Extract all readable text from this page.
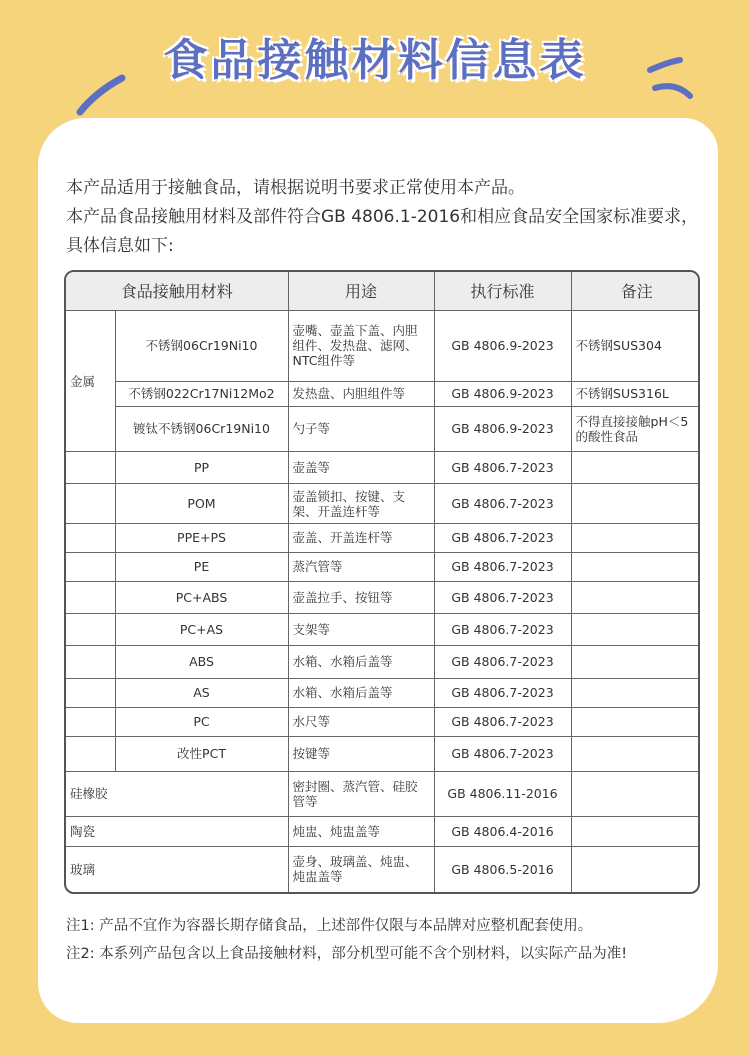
食品接触材料信息表
本产品适用于接触食品，请根据说明书要求正常使用本产品。
本产品食品接触用材料及部件符合GB 4806.1-2016和相应食品安全国家标准要求，具体信息如下:
食品接触用材料		用途	执行标准	备注
金属	不锈钢06Cr19Ni10	壶嘴、壶盖下盖、内胆组件、发热盘、滤网、NTC组件等	GB 4806.9-2023	不锈钢SUS304
	不锈钢022Cr17Ni12Mo2	发热盘、内胆组件等	GB 4806.9-2023	不锈钢SUS316L
	镀钛不锈钢06Cr19Ni10	勺子等	GB 4806.9-2023	不得直接接触pH＜5的酸性食品
	PP	壶盖等	GB 4806.7-2023	
	POM	壶盖锁扣、按键、支架、开盖连杆等	GB 4806.7-2023	
	PPE+PS	壶盖、开盖连杆等	GB 4806.7-2023	
	PE	蒸汽管等	GB 4806.7-2023	
	PC+ABS	壶盖拉手、按钮等	GB 4806.7-2023	
	PC+AS	支架等	GB 4806.7-2023	
	ABS	水箱、水箱后盖等	GB 4806.7-2023	
	AS	水箱、水箱后盖等	GB 4806.7-2023	
	PC	水尺等	GB 4806.7-2023	
	改性PCT	按键等	GB 4806.7-2023	
硅橡胶		密封圈、蒸汽管、硅胶管等	GB 4806.11-2016	
陶瓷		炖盅、炖盅盖等	GB 4806.4-2016	
玻璃		壶身、玻璃盖、炖盅、 炖盅盖等	GB 4806.5-2016	
注1: 产品不宜作为容器长期存储食品，上述部件仅限与本品牌对应整机配套使用。
注2: 本系列产品包含以上食品接触材料，部分机型可能不含个别材料，以实际产品为准!
